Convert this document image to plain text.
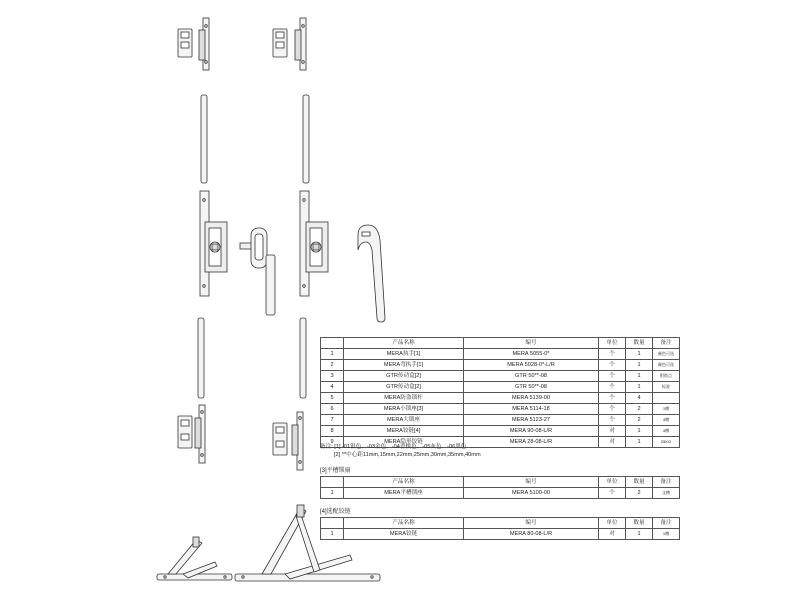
	产品名称	编号	单位	数量	备注
1	MERA执手[1]	MERA 5055-0*	个	1	颜色可选
2	MERA弯执手[1]	MERA 5028-0*-L/R	个	1	颜色可选
3	GTR传动盒[2]	GTR 50**-08	个	1	附锁点
4	GTR传动盒[2]	GTR 50**-08	个	1	标准
5	MERA防盗锁杆	MERA 5139-00	个	4	
6	MERA小锁座[3]	MERA 5114-18	个	2	1槽
7	MERA大锁座	MERA 5123-27	个	2	4槽
8	MERA铰链[4]	MERA 90-08-L/R	对	1	4槽
9	MERA隐形铰链	MERA 28-08-L/R	对	1	25KG
备注: [1] -01银色、-03金色、-04香槟色、-05灰色、-06黑色
[2] **中心距11mm,15mm,22mm,25mm,30mm,35mm,40mm
[3]平槽锁扇
	产品名称	编号	单位	数量	备注
1	MERA平槽锁座	MERA 5100-00	个	2	文槽
[4]选配铰链
	产品名称	编号	单位	数量	备注
1	MERA铰链	MERA 80-08-L/R	对	1	1槽
